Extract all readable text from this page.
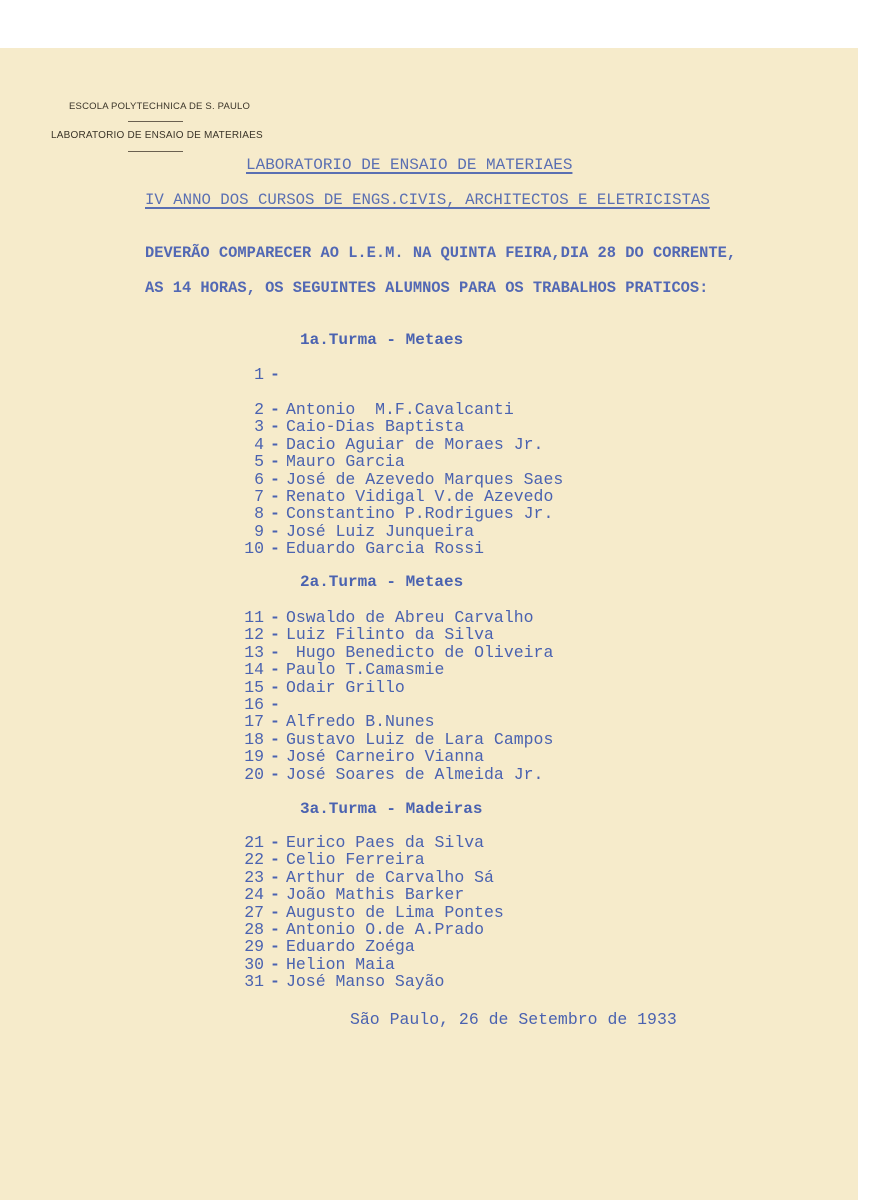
ESCOLA POLYTECHNICA DE S. PAULO
LABORATORIO DE ENSAIO DE MATERIAES
LABORATORIO DE ENSAIO DE MATERIAES
IV ANNO DOS CURSOS DE ENGS.CIVIS, ARCHITECTOS E ELETRICISTAS
DEVERÃO COMPARECER AO L.E.M. NA QUINTA FEIRA,DIA 28 DO CORRENTE,
AS 14 HORAS, OS SEGUINTES ALUMNOS PARA OS TRABALHOS PRATICOS:
1a.Turma - Metaes
1 -
2 - Antonio  M.F.Cavalcanti
3 - Caio-Dias Baptista
4 - Dacio Aguiar de Moraes Jr.
5 - Mauro Garcia
6 - José de Azevedo Marques Saes
7 - Renato Vidigal V.de Azevedo
8 - Constantino P.Rodrigues Jr.
9 - José Luiz Junqueira
10 - Eduardo Garcia Rossi
2a.Turma - Metaes
11 - Oswaldo de Abreu Carvalho
12 - Luiz Filinto da Silva
13 - Hugo Benedicto de Oliveira
14 - Paulo T.Camasmie
15 - Odair Grillo
16 -
17 - Alfredo B.Nunes
18 - Gustavo Luiz de Lara Campos
19 - José Carneiro Vianna
20 - José Soares de Almeida Jr.
3a.Turma - Madeiras
21 - Eurico Paes da Silva
22 - Celio Ferreira
23 - Arthur de Carvalho Sá
24 - João Mathis Barker
27 - Augusto de Lima Pontes
28 - Antonio O.de A.Prado
29 - Eduardo Zoéga
30 - Helion Maia
31 - José Manso Sayão
São Paulo, 26 de Setembro de 1933
